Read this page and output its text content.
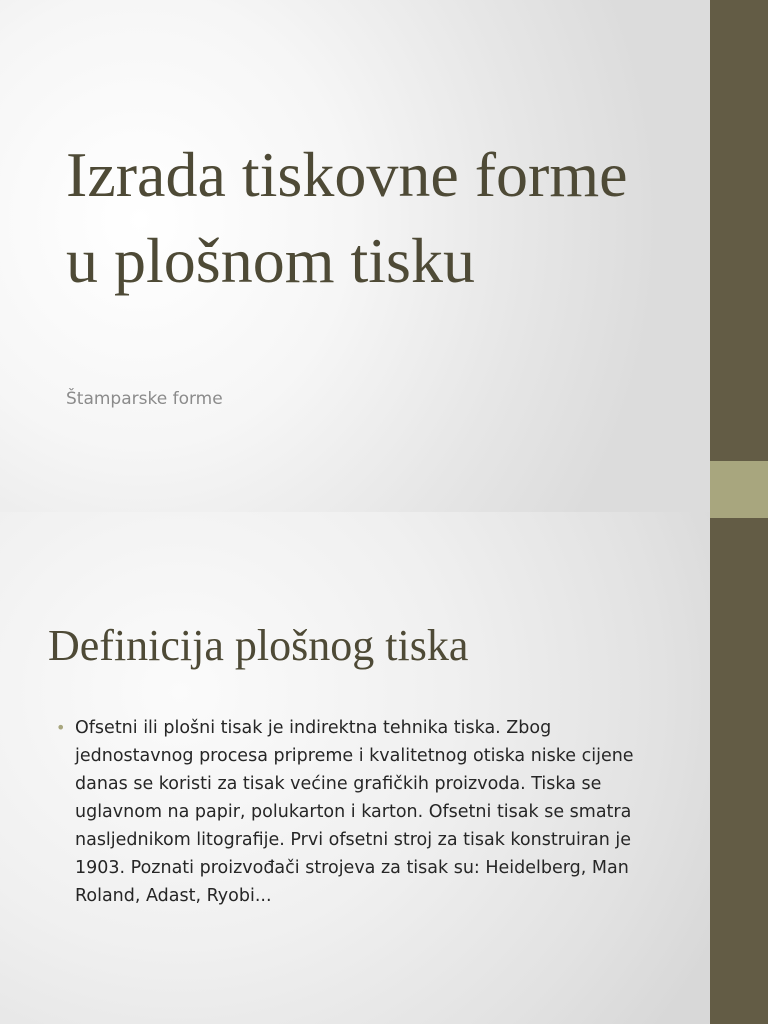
Izrada tiskovne forme u plošnom tisku

Štamparske forme

Definicija plošnog tiska
• Ofsetni ili plošni tisak je indirektna tehnika tiska. Zbog jednostavnog procesa pripreme i kvalitetnog otiska niske cijene danas se koristi za tisak većine grafičkih proizvoda. Tiska se uglavnom na papir, polukarton i karton. Ofsetni tisak se smatra nasljednikom litografije. Prvi ofsetni stroj za tisak konstruiran je 1903. Poznati proizvođači strojeva za tisak su: Heidelberg, Man Roland, Adast, Ryobi...
